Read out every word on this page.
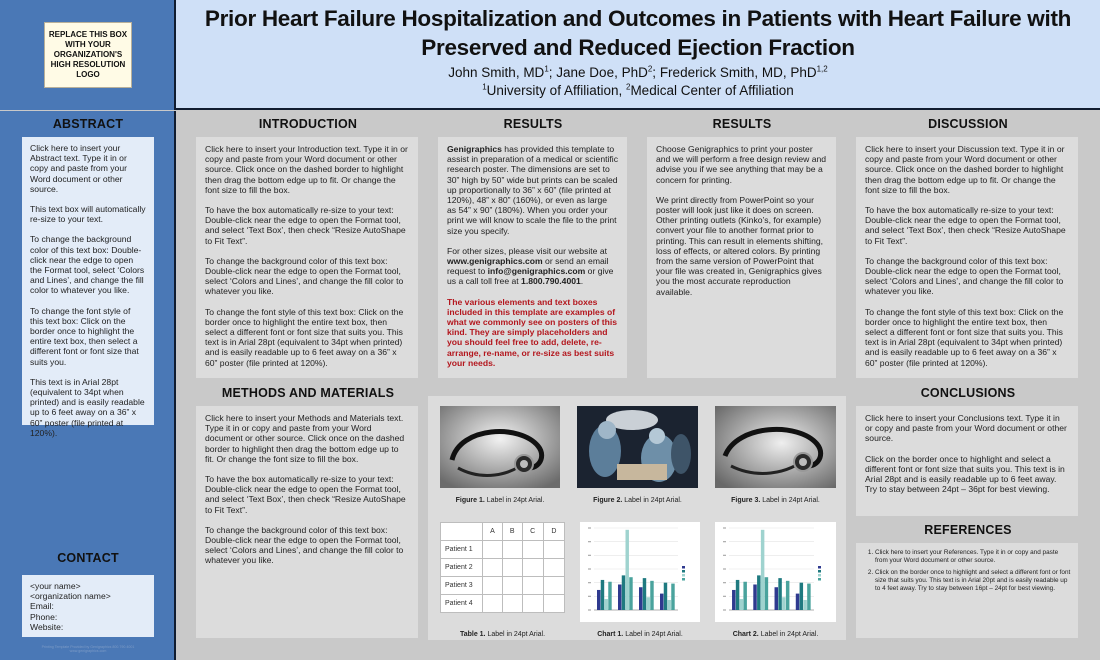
REPLACE THIS BOX WITH YOUR ORGANIZATION'S HIGH RESOLUTION LOGO
Prior Heart Failure Hospitalization and Outcomes in Patients with Heart Failure with
Preserved and Reduced Ejection Fraction
John Smith, $MD^1$; Jane Doe, PhD$^2$; Frederick Smith, MD, PhD$^{1,2}$
$^1$University of Affiliation, $^2$Medical Center of Affiliation
ABSTRACT

Click here to insert your Abstract text. Type it in or copy and paste from your Word document or other source.

This text box will automatically re-size to your text.

To change the background color of this text box: Double-click near the edge to open the Format tool, select ‘Colors and Lines’, and change the fill color to whatever you like.

To change the font style of this text box: Click on the border once to highlight the entire text box, then select a different font or font size that suits you.

This text is in Arial 28pt (equivalent to 34pt when printed) and is easily readable up to 6 feet away on a 36” x 60” poster (file printed at 120%).

CONTACT
<your name>
<organization name>
Email:
Phone:
Website:
Printing Template Provided by Genigraphics 800.790.4001
www.genigraphics.com
INTRODUCTION

Click here to insert your Introduction text. Type it in or copy and paste from your Word document or other source. Click once on the dashed border to highlight then drag the bottom edge up to fit. Or change the font size to fill the box.

To have the box automatically re-size to your text: Double-click near the edge to open the Format tool, and select ‘Text Box’, then check “Resize AutoShape to Fit Text”.

To change the background color of this text box: Double-click near the edge to open the Format tool, select ‘Colors and Lines’, and change the fill color to whatever you like.

To change the font style of this text box: Click on the border once to highlight the entire text box, then select a different font or font size that suits you. This text is in Arial 28pt (equivalent to 34pt when printed) and is easily readable up to 6 feet away on a 36” x 60” poster (file printed at 120%).

METHODS AND MATERIALS

Click here to insert your Methods and Materials text. Type it in or copy and paste from your Word document or other source. Click once on the dashed border to highlight then drag the bottom edge up to fit. Or change the font size to fill the box.

To have the box automatically re-size to your text: Double-click near the edge to open the Format tool, and select ‘Text Box’, then check “Resize AutoShape to Fit Text”.

To change the background color of this text box: Double-click near the edge to open the Format tool, select ‘Colors and Lines’, and change the fill color to whatever you like.

RESULTS

Genigraphics has provided this template to assist in preparation of a medical or scientific research poster. The dimensions are set to 30” high by 50” wide but prints can be scaled up proportionally to 36” x 60” (file printed at 120%), 48” x 80” (160%), or even as large as 54” x 90” (180%). When you order your print we will know to scale the file to the print size you specify.

For other sizes, please visit our website at www.genigraphics.com or send an email request to info@genigraphics.com or give us a call toll free at 1.800.790.4001.

The various elements and text boxes included in this template are examples of what we commonly see on posters of this kind. They are simply placeholders and you should feel free to add, delete, re-arrange, re-name, or re-size as best suits your needs.

RESULTS

Choose Genigraphics to print your poster and we will perform a free design review and advise you if we see anything that may be a concern for printing.

We print directly from PowerPoint so your poster will look just like it does on screen. Other printing outlets (Kinko’s, for example) convert your file to another format prior to printing. This can result in elements shifting, loss of effects, or altered colors. By printing from the same version of PowerPoint that your file was created in, Genigraphics gives you the most accurate reproduction available.

Figure 1. Label in 24pt Arial.	Figure 2. Label in 24pt Arial.	Figure 3. Label in 24pt Arial.
	A	B	C	D
Patient 1				
Patient 2				
Patient 3				
Patient 4				
Table 1. Label in 24pt Arial.	Chart 1. Label in 24pt Arial.	Chart 2. Label in 24pt Arial.
DISCUSSION

Click here to insert your Discussion text. Type it in or copy and paste from your Word document or other source. Click once on the dashed border to highlight then drag the bottom edge up to fit. Or change the font size to fill the box.

To have the box automatically re-size to your text: Double-click near the edge to open the Format tool, and select ‘Text Box’, then check “Resize AutoShape to Fit Text”.

To change the background color of this text box: Double-click near the edge to open the Format tool, select ‘Colors and Lines’, and change the fill color to whatever you like.

To change the font style of this text box: Click on the border once to highlight the entire text box, then select a different font or font size that suits you. This text is in Arial 28pt (equivalent to 34pt when printed) and is easily readable up to 6 feet away on a 36” x 60” poster (file printed at 120%).

CONCLUSIONS

Click here to insert your Conclusions text. Type it in or copy and paste from your Word document or other source.

Click on the border once to highlight and select a different font or font size that suits you. This text is in Arial 28pt and is easily readable up to 6 feet away. Try to stay between 24pt – 36pt for best viewing.

REFERENCES
1. Click here to insert your References. Type it in or copy and paste from your Word document or other source.
2. Click on the border once to highlight and select a different font or font size that suits you. This text is in Arial 20pt and is easily readable up to 4 feet away. Try to stay between 16pt – 24pt for best viewing.
